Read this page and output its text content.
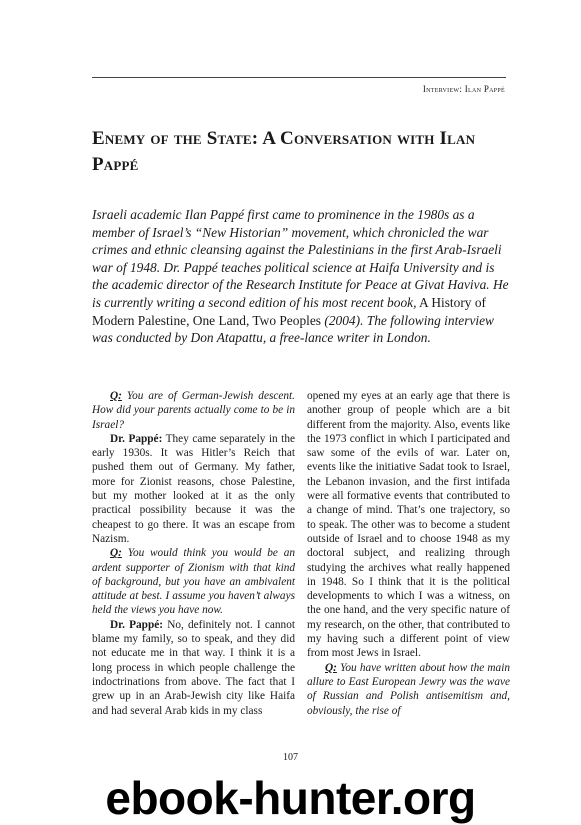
Interview: Ilan Pappé
Enemy of the State: A Conversation with Ilan Pappé

Israeli academic Ilan Pappé first came to prominence in the 1980s as a member of Israel’s “New Historian” movement, which chronicled the war crimes and ethnic cleansing against the Palestinians in the first Arab-Israeli war of 1948. Dr. Pappé teaches political science at Haifa University and is the academic director of the Research Institute for Peace at Givat Haviva. He is currently writing a second edition of his most recent book, A History of Modern Palestine, One Land, Two Peoples (2004). The following interview was conducted by Don Atapattu, a free-lance writer in London.

Q: You are of German-Jewish descent. How did your parents actually come to be in Israel?

Dr. Pappé: They came separately in the early 1930s. It was Hitler’s Reich that pushed them out of Germany. My father, more for Zionist reasons, chose Palestine, but my mother looked at it as the only practical possibility because it was the cheapest to go there. It was an escape from Nazism.

Q: You would think you would be an ardent supporter of Zionism with that kind of background, but you have an ambivalent attitude at best. I assume you haven’t always held the views you have now.

Dr. Pappé: No, definitely not. I cannot blame my family, so to speak, and they did not educate me in that way. I think it is a long process in which people challenge the indoctrinations from above. The fact that I grew up in an Arab-Jewish city like Haifa and had several Arab kids in my class

opened my eyes at an early age that there is another group of people which are a bit different from the majority. Also, events like the 1973 conflict in which I participated and saw some of the evils of war. Later on, events like the initiative Sadat took to Israel, the Lebanon invasion, and the first intifada were all formative events that contributed to a change of mind. That’s one trajectory, so to speak. The other was to become a student outside of Israel and to choose 1948 as my doctoral subject, and realizing through studying the archives what really happened in 1948. So I think that it is the political developments to which I was a witness, on the one hand, and the very specific nature of my research, on the other, that contributed to my having such a different point of view from most Jews in Israel.

Q: You have written about how the main allure to East European Jewry was the wave of Russian and Polish antisemitism and, obviously, the rise of

107
ebook-hunter.org
